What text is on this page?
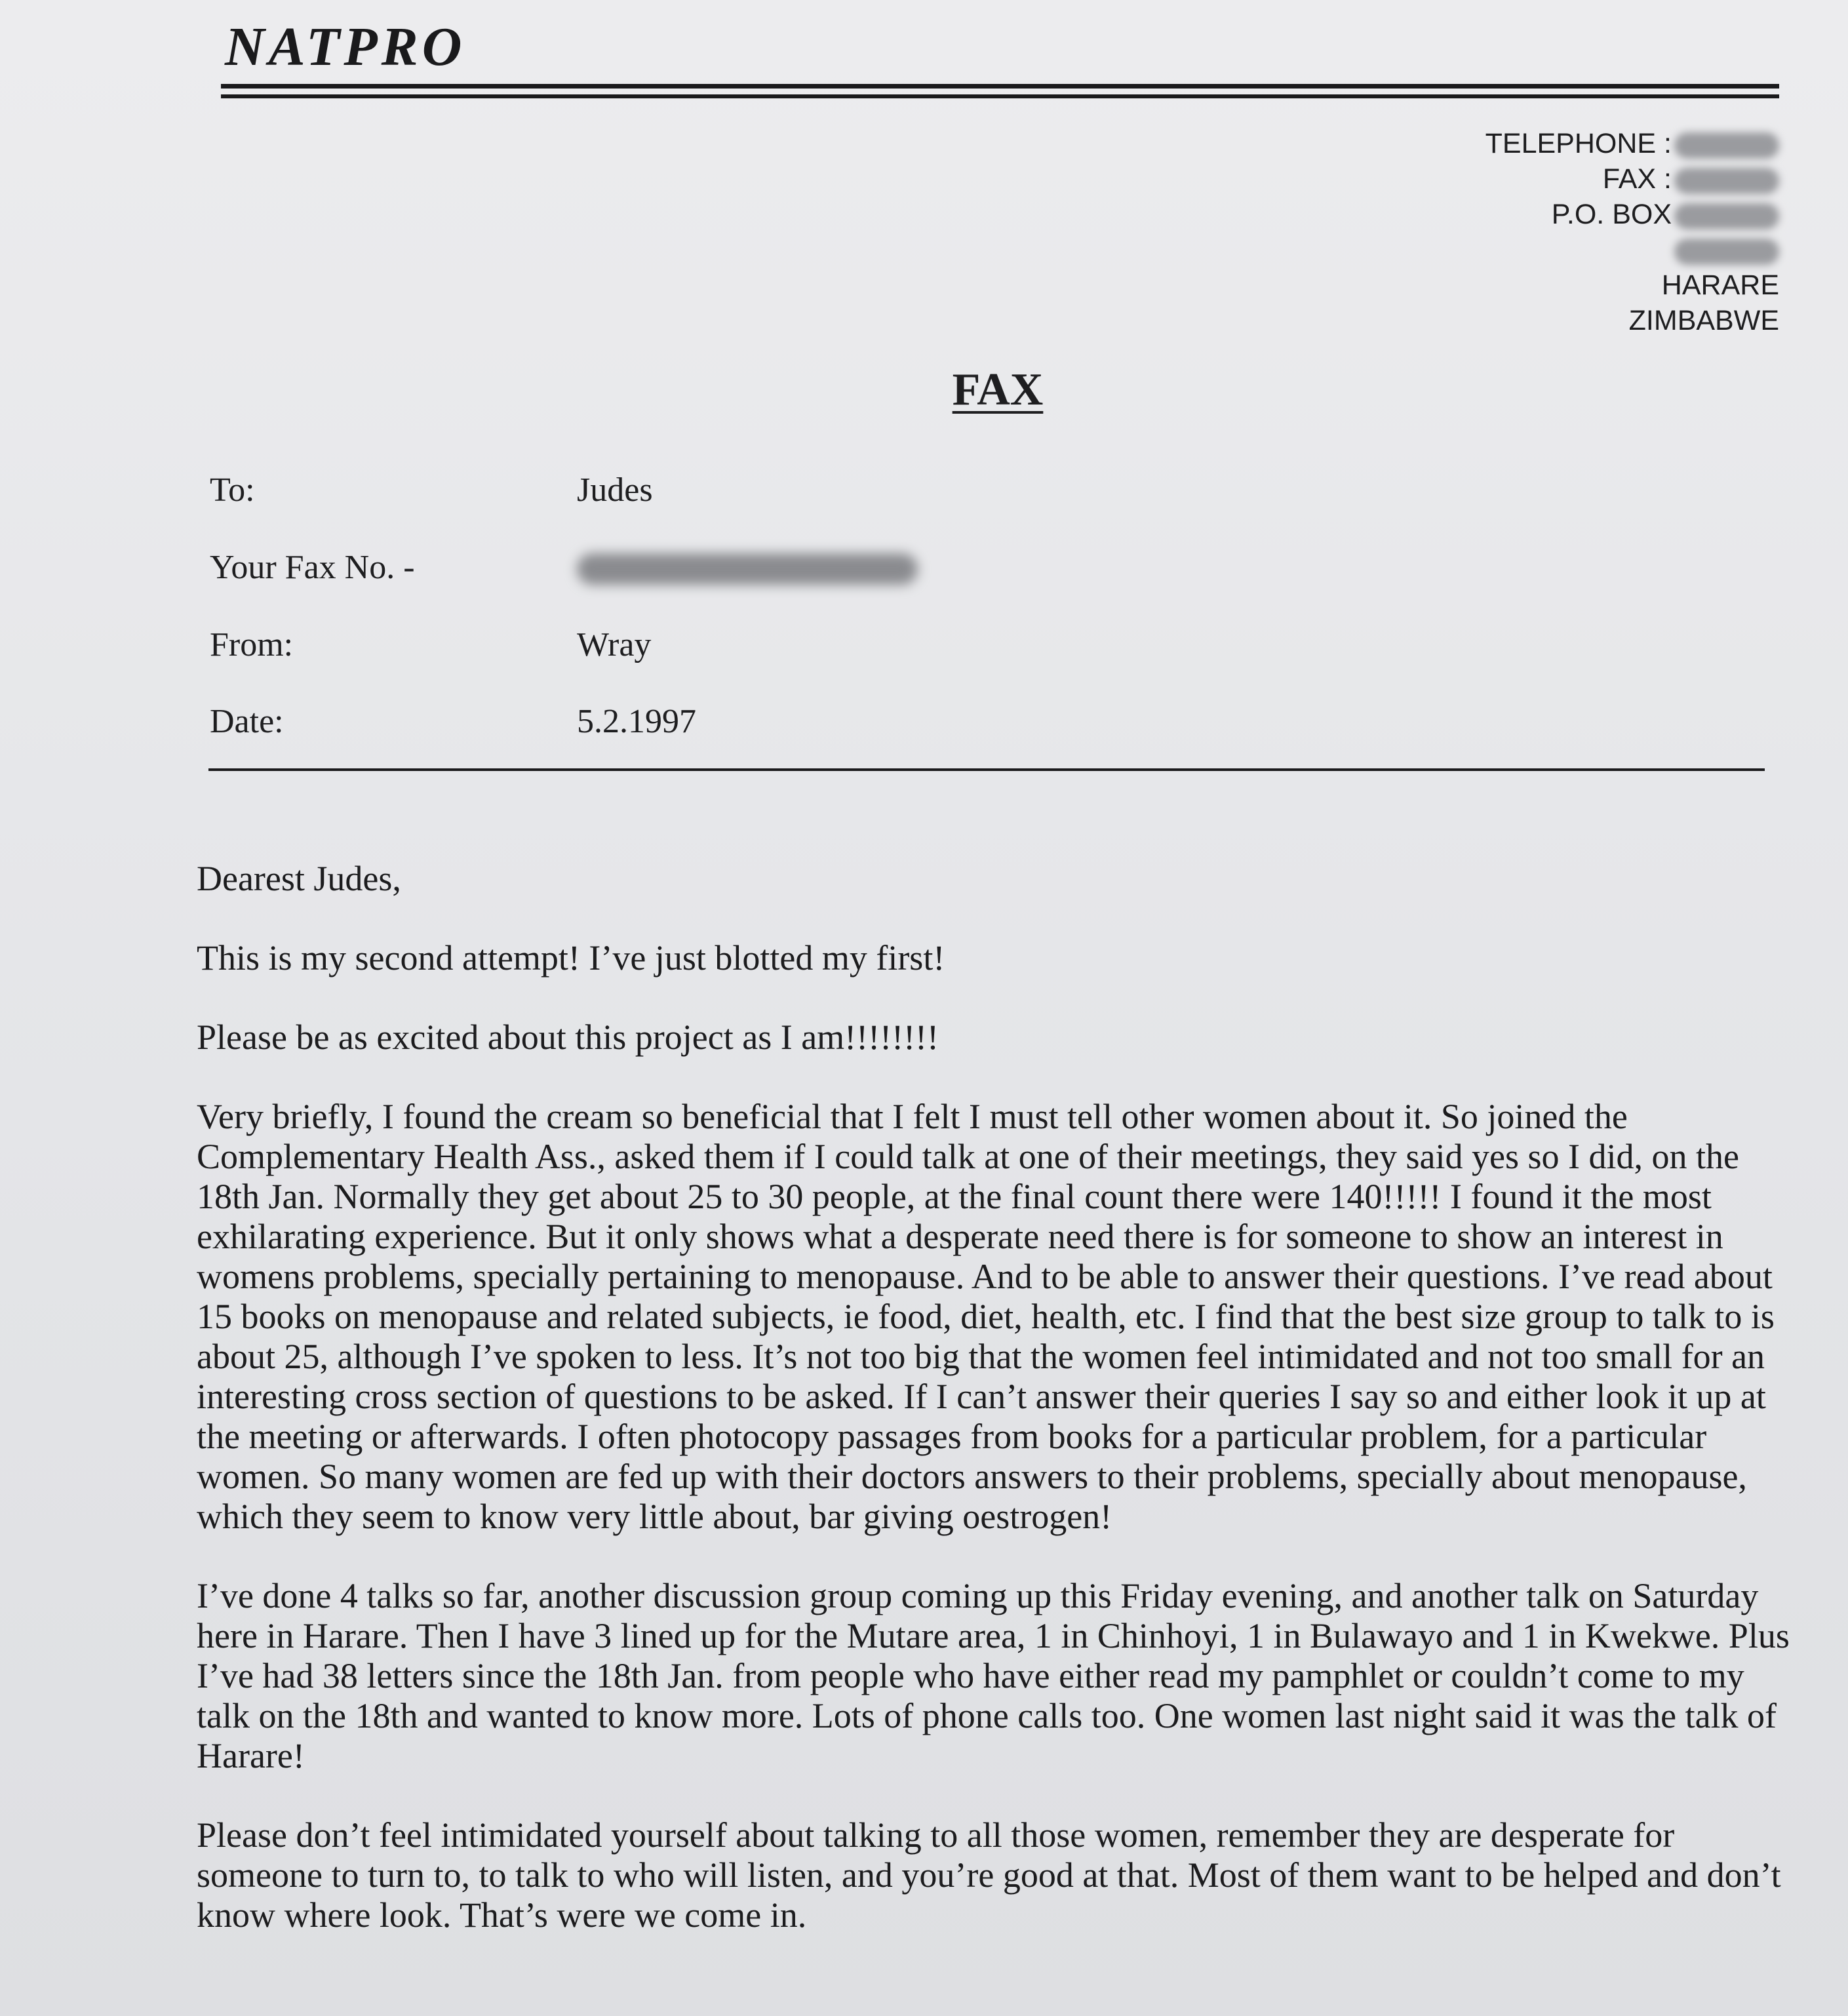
NATPRO
TELEPHONE :
FAX :
P.O. BOX
HARARE
ZIMBABWE
FAX
To:	Judes
Your Fax No. -
From:	Wray
Date:	5.2.1997

Dearest Judes,

This is my second attempt! I’ve just blotted my first!

Please be as excited about this project as I am!!!!!!!!

Very briefly, I found the cream so beneficial that I felt I must tell other women about it. So joined the Complementary Health Ass., asked them if I could talk at one of their meetings, they said yes so I did, on the 18th Jan. Normally they get about 25 to 30 people, at the final count there were 140!!!!! I found it the most exhilarating experience. But it only shows what a desperate need there is for someone to show an interest in womens problems, specially pertaining to menopause. And to be able to answer their questions. I’ve read about 15 books on menopause and related subjects, ie food, diet, health, etc. I find that the best size group to talk to is about 25, although I’ve spoken to less. It’s not too big that the women feel intimidated and not too small for an interesting cross section of questions to be asked. If I can’t answer their queries I say so and either look it up at the meeting or afterwards. I often photocopy passages from books for a particular problem, for a particular women. So many women are fed up with their doctors answers to their problems, specially about menopause, which they seem to know very little about, bar giving oestrogen!

I’ve done 4 talks so far, another discussion group coming up this Friday evening, and another talk on Saturday here in Harare. Then I have 3 lined up for the Mutare area, 1 in Chinhoyi, 1 in Bulawayo and 1 in Kwekwe. Plus I’ve had 38 letters since the 18th Jan. from people who have either read my pamphlet or couldn’t come to my talk on the 18th and wanted to know more. Lots of phone calls too. One women last night said it was the talk of Harare!

Please don’t feel intimidated yourself about talking to all those women, remember they are desperate for someone to turn to, to talk to who will listen, and you’re good at that. Most of them want to be helped and don’t know where look. That’s were we come in.
